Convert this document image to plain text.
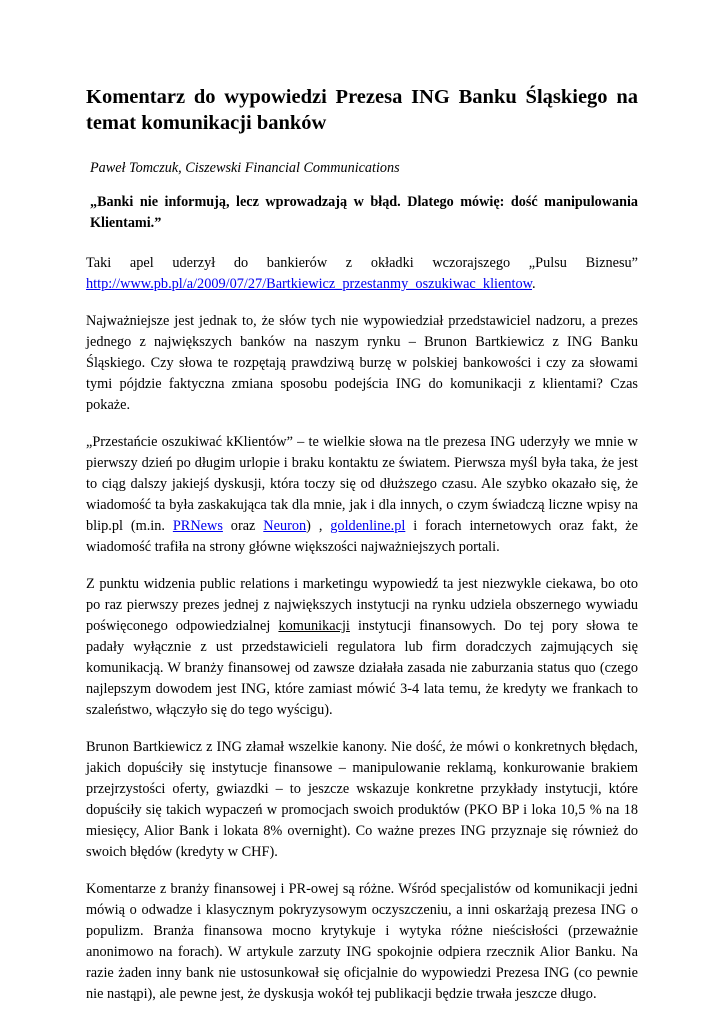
Komentarz do wypowiedzi Prezesa ING Banku Śląskiego na temat komunikacji banków
Paweł Tomczuk, Ciszewski Financial Communications
„Banki nie informują, lecz wprowadzają w błąd. Dlatego mówię: dość manipulowania Klientami.”

Taki apel uderzył do bankierów z okładki wczorajszego „Pulsu Biznesu” http://www.pb.pl/a/2009/07/27/Bartkiewicz_przestanmy_oszukiwac_klientow.

Najważniejsze jest jednak to, że słów tych nie wypowiedział przedstawiciel nadzoru, a prezes jednego z największych banków na naszym rynku – Brunon Bartkiewicz z ING Banku Śląskiego. Czy słowa te rozpętają prawdziwą burzę w polskiej bankowości i czy za słowami tymi pójdzie faktyczna zmiana sposobu podejścia ING do komunikacji z klientami? Czas pokaże.

„Przestańcie oszukiwać kKlientów” – te wielkie słowa na tle prezesa ING uderzyły we mnie w pierwszy dzień po długim urlopie i braku kontaktu ze światem. Pierwsza myśl była taka, że jest to ciąg dalszy jakiejś dyskusji, która toczy się od dłuższego czasu. Ale szybko okazało się, że wiadomość ta była zaskakująca tak dla mnie, jak i dla innych, o czym świadczą liczne wpisy na blip.pl (m.in. PRNews oraz Neuron) , goldenline.pl i forach internetowych oraz fakt, że wiadomość trafiła na strony główne większości najważniejszych portali.

Z punktu widzenia public relations i marketingu wypowiedź ta jest niezwykle ciekawa, bo oto po raz pierwszy prezes jednej z największych instytucji na rynku udziela obszernego wywiadu poświęconego odpowiedzialnej komunikacji instytucji finansowych. Do tej pory słowa te padały wyłącznie z ust przedstawicieli regulatora lub firm doradczych zajmujących się komunikacją. W branży finansowej od zawsze działała zasada nie zaburzania status quo (czego najlepszym dowodem jest ING, które zamiast mówić 3-4 lata temu, że kredyty we frankach to szaleństwo, włączyło się do tego wyścigu).

Brunon Bartkiewicz z ING złamał wszelkie kanony. Nie dość, że mówi o konkretnych błędach, jakich dopuściły się instytucje finansowe – manipulowanie reklamą, konkurowanie brakiem przejrzystości oferty, gwiazdki – to jeszcze wskazuje konkretne przykłady instytucji, które dopuściły się takich wypaczeń w promocjach swoich produktów (PKO BP i loka 10,5 % na 18 miesięcy, Alior Bank i lokata 8% overnight). Co ważne prezes ING przyznaje się również do swoich błędów (kredyty w CHF).

Komentarze z branży finansowej i PR-owej są różne. Wśród specjalistów od komunikacji jedni mówią o odwadze i klasycznym pokryzysowym oczyszczeniu, a inni oskarżają prezesa ING o populizm. Branża finansowa mocno krytykuje i wytyka różne nieścisłości (przeważnie anonimowo na forach). W artykule zarzuty ING spokojnie odpiera rzecznik Alior Banku. Na razie żaden inny bank nie ustosunkował się oficjalnie do wypowiedzi Prezesa ING (co pewnie nie nastąpi), ale pewne jest, że dyskusja wokół tej publikacji będzie trwała jeszcze długo.
